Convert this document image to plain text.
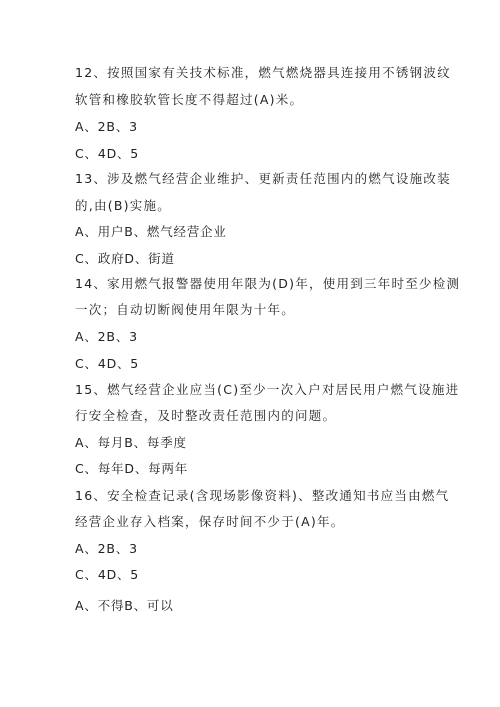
12、按照国家有关技术标准，燃气燃烧器具连接用不锈钢波纹
软管和橡胶软管长度不得超过(A)米。
A、2B、3
C、4D、5
13、涉及燃气经营企业维护、更新责任范围内的燃气设施改装
的,由(B)实施。
A、用户B、燃气经营企业
C、政府D、街道
14、家用燃气报警器使用年限为(D)年，使用到三年时至少检测
一次；自动切断阀使用年限为十年。
A、2B、3
C、4D、5
15、燃气经营企业应当(C)至少一次入户对居民用户燃气设施进
行安全检查，及时整改责任范围内的问题。
A、每月B、每季度
C、每年D、每两年
16、安全检查记录(含现场影像资料)、整改通知书应当由燃气
经营企业存入档案，保存时间不少于(A)年。
A、2B、3
C、4D、5
A、不得B、可以
